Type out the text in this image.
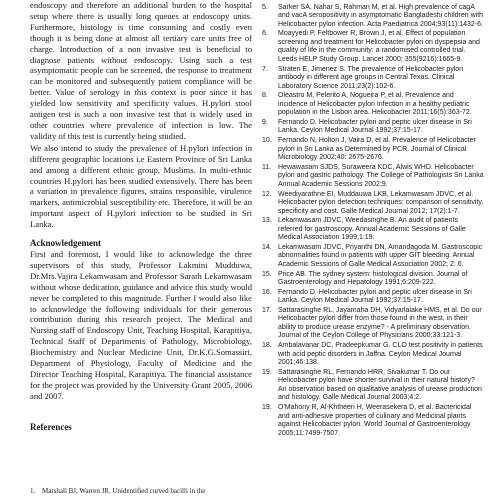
endoscopy and therefore an additional burden to the hospital setup where there is usually long queues at endoscopy units. Furthermore, histology is time consuming and costly even though it is being done at almost all tertiary care units free of charge. Introduction of a non invasive test is beneficial to diagnose patients without endoscopy. Using such a test asymptomatic people can be screened, the response to treatment can be monitored and subsequently patient compliance will be better. Value of serology in this context is poor since it has yielded low sensitivity and specificity values. H.pylori stool antigen test is such a non invasive test that is widely used in other countries where prevalence of infection is low. The validity of this test is currently being studied.

We also intend to study the prevalence of H.pylori infection in different geographic locations i.e Eastern Province of Sri Lanka and among a different ethnic group, Muslims. In multi-ethnic countries H.pylori has been studied extensively. There has been a variation in prevalence figures, strains responsible, virulence markers, antimicrobial susceptibility etc. Therefore, it will be an important aspect of H.pylori infection to be studied in Sri Lanka.

Acknowledgement

First and foremost, I would like to acknowledge the three supervisors of this study, Professor Lakmini Mudduwa, Dr.Mrs.Vajira Lekamwasam and Professor Sarath Lekamwasam without whose dedication, guidance and advice this study would never be completed to this magnitude. Further I would also like to acknowledge the following individuals for their generous contribution during this research project. The Medical and Nursing staff of Endoscopy Unit, Teaching Hospital, Karapitiya, Technical Staff of Departments of Pathology, Microbiology, Biochemistry and Nuclear Medicine Unit, Dr.K.G.Somassiri, Department of Physiology, Faculty of Medicine and the Director Teaching Hospital, Karapitiya. The financial assistance for the project was provided by the University Grant 2005, 2006 and 2007.

References
1. Marshall BJ, Warren JR. Unidentified curved bacilli in the
5.	Sarker SA, Nahar S, Rahman M, et al. High prevalence of cagA and vacA seropositivity in asymptomatic Bangladeshi children with Helicobacter pylori infection. Acta Paediatrica 2004;93(11):1432-6.
6.	Moayyedi P, Feltbower R, Brown J, et al. Effect of population screening and treatment for Helicobacter pylori on dyspepsia and quality of life in the community: a randomised controlled trial. Leeds HELP Study Group. Lancet 2000; 355(9216):1665-9.
7.	Straten E, Jimenez S. The prevalence of Helicobacter pylori antibody in different age groups in Central Texas. Clinical Laboratory Science 2011;23(2):102-6.
8.	Oleastro M, Pelerito A, Nogueira P, et al. Prevalence and incidence of Helicobacter pylori Infection in a healthy pediatric population in the Lisbon area. Helicobacter 2011;16(5):363-72.
9.	Fernando D. Helicobacter pylori and peptic ulcer disease in Sri Lanka. Ceylon Medical Journal 1992;37:15-17.
10. Fernando N, Holton J, Vaira D, et al. Prevalence of Helicobacter pylori in Sri Lanka as Determined by PCR. Journal of Clinical Microbiology 2002;40: 2675-2676.
11. Hewawasam SJDS, Suraweera KDC, Alwis WHD. Helicobacter pylori and gastric pathology. The College of Pathologists Sri Lanka Annual Academic Sessions 2002;9.
12. Weediyarathne EI, Muddauwa LKB, Lekamwasam JDVC, et al. Helicobacter pylori detection techniques: comparison of sensitivity, specificity and cost. Galle Medical Journal 2012; 17(2):1-7.
13. Lekamwasam JDVC, Weedasinghe B. An audit of patients referred for gastroscopy. Annual Academic Sessions of Galle Medical Association 1999;1:19.
14. Lekamwasam JDVC, Priyanthi DN, Amandagoda M. Gastroscopic abnormalities found in patients with upper GIT bleeding. Annual Academic Sessions of Galle Medical Association 2002; 2: 6.
15. Price AB. The sydney system: histological division. Journal of Gastroenterology and Hepatology 1991;6:209-222.
16. Fernando D. Helicobacter pylori and peptic ulcer disease in Sri Lanka. Ceylon Medical Journal 1992;37:15-17.
17. Sattarasinghe RL, Jayamaha DH, Vidyarlalake HMS, et al. Do our Helicobacter pylori differ from those found in the west, in their ability to produce urease enzyme? - A preliminary observation. Journal of the Ceylon College of Physicians 2000;33:121-3.
18. Ambalavanar DC, Pradeepkumar G. CLO test positivity in patients with acid peptic disorders in Jaffna. Ceylon Medical Journal 2001;46:138.
19. Sattarasinghe RL, Fernando HRR, Sivakumar T. Do our Helicobacter pylori have shorter survival in their natural history? An observation based on qualitative analysis of urease production and histology. Galle Medical Journal 2003;4:2.
19. O'Mahony R, Al-Khtheeri H, Weerasekera D, et al. Bactericidal and anti-adhesive properties of culinary and Medicinal plants against Helicobacter pylori. World Journal of Gastroenterology 2005;11:7499-7507.
